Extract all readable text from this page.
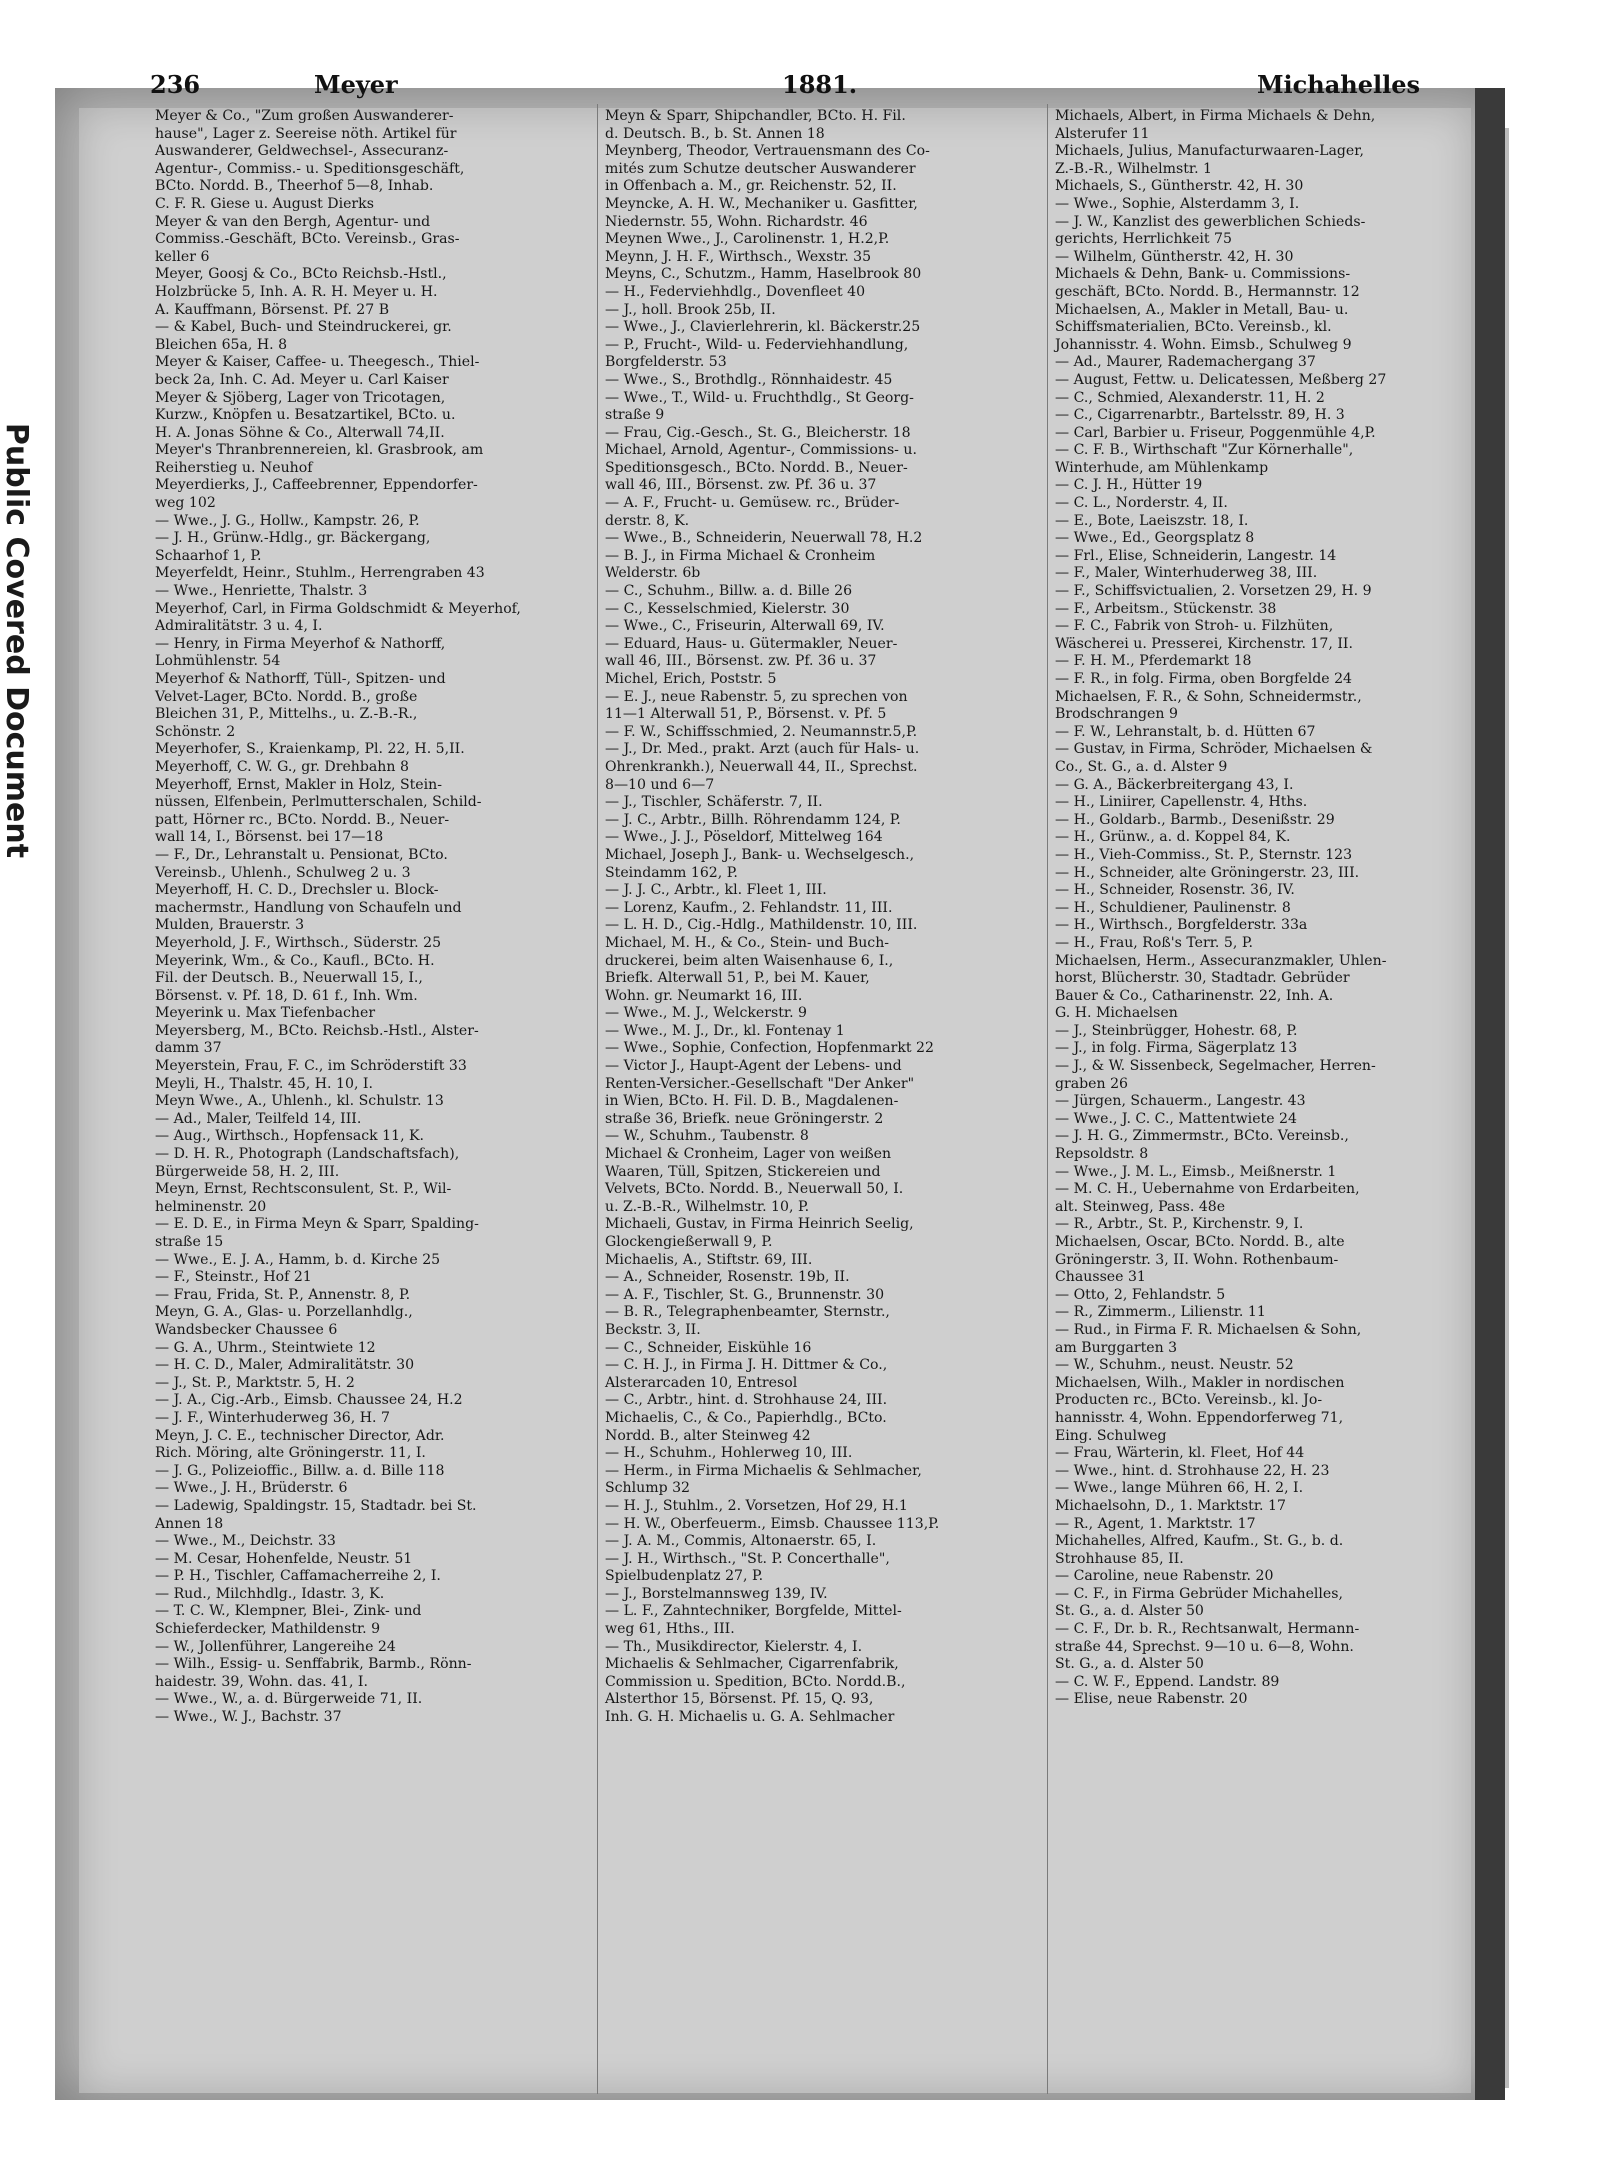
Public Covered Document
236	Meyer	1881.	Michahelles

Meyer & Co., "Zum großen Auswanderer-

hause", Lager z. Seereise nöth. Artikel für

Auswanderer, Geldwechsel-, Assecuranz-

Agentur-, Commiss.- u. Speditionsgeschäft,

BCto. Nordd. B., Theerhof 5—8, Inhab.

C. F. R. Giese u. August Dierks

Meyer & van den Bergh, Agentur- und

Commiss.-Geschäft, BCto. Vereinsb., Gras-

keller 6

Meyer, Goosj & Co., BCto Reichsb.-Hstl.,

Holzbrücke 5, Inh. A. R. H. Meyer u. H.

A. Kauffmann, Börsenst. Pf. 27 B

— & Kabel, Buch- und Steindruckerei, gr.

Bleichen 65a, H. 8

Meyer & Kaiser, Caffee- u. Theegesch., Thiel-

beck 2a, Inh. C. Ad. Meyer u. Carl Kaiser

Meyer & Sjöberg, Lager von Tricotagen,

Kurzw., Knöpfen u. Besatzartikel, BCto. u.

H. A. Jonas Söhne & Co., Alterwall 74,II.

Meyer's Thranbrennereien, kl. Grasbrook, am

Reiherstieg u. Neuhof

Meyerdierks, J., Caffeebrenner, Eppendorfer-

weg 102

— Wwe., J. G., Hollw., Kampstr. 26, P.

— J. H., Grünw.-Hdlg., gr. Bäckergang,

Schaarhof 1, P.

Meyerfeldt, Heinr., Stuhlm., Herrengraben 43

— Wwe., Henriette, Thalstr. 3

Meyerhof, Carl, in Firma Goldschmidt & Meyerhof,

Admiralitätstr. 3 u. 4, I.

— Henry, in Firma Meyerhof & Nathorff,

Lohmühlenstr. 54

Meyerhof & Nathorff, Tüll-, Spitzen- und

Velvet-Lager, BCto. Nordd. B., große

Bleichen 31, P., Mittelhs., u. Z.-B.-R.,

Schönstr. 2

Meyerhofer, S., Kraienkamp, Pl. 22, H. 5,II.

Meyerhoff, C. W. G., gr. Drehbahn 8

Meyerhoff, Ernst, Makler in Holz, Stein-

nüssen, Elfenbein, Perlmutterschalen, Schild-

patt, Hörner rc., BCto. Nordd. B., Neuer-

wall 14, I., Börsenst. bei 17—18

— F., Dr., Lehranstalt u. Pensionat, BCto.

Vereinsb., Uhlenh., Schulweg 2 u. 3

Meyerhoff, H. C. D., Drechsler u. Block-

machermstr., Handlung von Schaufeln und

Mulden, Brauerstr. 3

Meyerhold, J. F., Wirthsch., Süderstr. 25

Meyerink, Wm., & Co., Kaufl., BCto. H.

Fil. der Deutsch. B., Neuerwall 15, I.,

Börsenst. v. Pf. 18, D. 61 f., Inh. Wm.

Meyerink u. Max Tiefenbacher

Meyersberg, M., BCto. Reichsb.-Hstl., Alster-

damm 37

Meyerstein, Frau, F. C., im Schröderstift 33

Meyli, H., Thalstr. 45, H. 10, I.

Meyn Wwe., A., Uhlenh., kl. Schulstr. 13

— Ad., Maler, Teilfeld 14, III.

— Aug., Wirthsch., Hopfensack 11, K.

— D. H. R., Photograph (Landschaftsfach),

Bürgerweide 58, H. 2, III.

Meyn, Ernst, Rechtsconsulent, St. P., Wil-

helminenstr. 20

— E. D. E., in Firma Meyn & Sparr, Spalding-

straße 15

— Wwe., E. J. A., Hamm, b. d. Kirche 25

— F., Steinstr., Hof 21

— Frau, Frida, St. P., Annenstr. 8, P.

Meyn, G. A., Glas- u. Porzellanhdlg.,

Wandsbecker Chaussee 6

— G. A., Uhrm., Steintwiete 12

— H. C. D., Maler, Admiralitätstr. 30

— J., St. P., Marktstr. 5, H. 2

— J. A., Cig.-Arb., Eimsb. Chaussee 24, H.2

— J. F., Winterhuderweg 36, H. 7

Meyn, J. C. E., technischer Director, Adr.

Rich. Möring, alte Gröningerstr. 11, I.

— J. G., Polizeioffic., Billw. a. d. Bille 118

— Wwe., J. H., Brüderstr. 6

— Ladewig, Spaldingstr. 15, Stadtadr. bei St.

Annen 18

— Wwe., M., Deichstr. 33

— M. Cesar, Hohenfelde, Neustr. 51

— P. H., Tischler, Caffamacherreihe 2, I.

— Rud., Milchhdlg., Idastr. 3, K.

— T. C. W., Klempner, Blei-, Zink- und

Schieferdecker, Mathildenstr. 9

— W., Jollenführer, Langereihe 24

— Wilh., Essig- u. Senffabrik, Barmb., Rönn-

haidestr. 39, Wohn. das. 41, I.

— Wwe., W., a. d. Bürgerweide 71, II.

— Wwe., W. J., Bachstr. 37

Meyn & Sparr, Shipchandler, BCto. H. Fil.

d. Deutsch. B., b. St. Annen 18

Meynberg, Theodor, Vertrauensmann des Co-

mités zum Schutze deutscher Auswanderer

in Offenbach a. M., gr. Reichenstr. 52, II.

Meyncke, A. H. W., Mechaniker u. Gasfitter,

Niedernstr. 55, Wohn. Richardstr. 46

Meynen Wwe., J., Carolinenstr. 1, H.2,P.

Meynn, J. H. F., Wirthsch., Wexstr. 35

Meyns, C., Schutzm., Hamm, Haselbrook 80

— H., Federviehhdlg., Dovenfleet 40

— J., holl. Brook 25b, II.

— Wwe., J., Clavierlehrerin, kl. Bäckerstr.25

— P., Frucht-, Wild- u. Federviehhandlung,

Borgfelderstr. 53

— Wwe., S., Brothdlg., Rönnhaidestr. 45

— Wwe., T., Wild- u. Fruchthdlg., St Georg-

straße 9

— Frau, Cig.-Gesch., St. G., Bleicherstr. 18

Michael, Arnold, Agentur-, Commissions- u.

Speditionsgesch., BCto. Nordd. B., Neuer-

wall 46, III., Börsenst. zw. Pf. 36 u. 37

— A. F., Frucht- u. Gemüsew. rc., Brüder-

derstr. 8, K.

— Wwe., B., Schneiderin, Neuerwall 78, H.2

— B. J., in Firma Michael & Cronheim

Welderstr. 6b

— C., Schuhm., Billw. a. d. Bille 26

— C., Kesselschmied, Kielerstr. 30

— Wwe., C., Friseurin, Alterwall 69, IV.

— Eduard, Haus- u. Gütermakler, Neuer-

wall 46, III., Börsenst. zw. Pf. 36 u. 37

Michel, Erich, Poststr. 5

— E. J., neue Rabenstr. 5, zu sprechen von

11—1 Alterwall 51, P., Börsenst. v. Pf. 5

— F. W., Schiffsschmied, 2. Neumannstr.5,P.

— J., Dr. Med., prakt. Arzt (auch für Hals- u.

Ohrenkrankh.), Neuerwall 44, II., Sprechst.

8—10 und 6—7

— J., Tischler, Schäferstr. 7, II.

— J. C., Arbtr., Billh. Röhrendamm 124, P.

— Wwe., J. J., Pöseldorf, Mittelweg 164

Michael, Joseph J., Bank- u. Wechselgesch.,

Steindamm 162, P.

— J. J. C., Arbtr., kl. Fleet 1, III.

— Lorenz, Kaufm., 2. Fehlandstr. 11, III.

— L. H. D., Cig.-Hdlg., Mathildenstr. 10, III.

Michael, M. H., & Co., Stein- und Buch-

druckerei, beim alten Waisenhause 6, I.,

Briefk. Alterwall 51, P., bei M. Kauer,

Wohn. gr. Neumarkt 16, III.

— Wwe., M. J., Welckerstr. 9

— Wwe., M. J., Dr., kl. Fontenay 1

— Wwe., Sophie, Confection, Hopfenmarkt 22

— Victor J., Haupt-Agent der Lebens- und

Renten-Versicher.-Gesellschaft "Der Anker"

in Wien, BCto. H. Fil. D. B., Magdalenen-

straße 36, Briefk. neue Gröningerstr. 2

— W., Schuhm., Taubenstr. 8

Michael & Cronheim, Lager von weißen

Waaren, Tüll, Spitzen, Stickereien und

Velvets, BCto. Nordd. B., Neuerwall 50, I.

u. Z.-B.-R., Wilhelmstr. 10, P.

Michaeli, Gustav, in Firma Heinrich Seelig,

Glockengießerwall 9, P.

Michaelis, A., Stiftstr. 69, III.

— A., Schneider, Rosenstr. 19b, II.

— A. F., Tischler, St. G., Brunnenstr. 30

— B. R., Telegraphenbeamter, Sternstr.,

Beckstr. 3, II.

— C., Schneider, Eiskühle 16

— C. H. J., in Firma J. H. Dittmer & Co.,

Alsterarcaden 10, Entresol

— C., Arbtr., hint. d. Strohhause 24, III.

Michaelis, C., & Co., Papierhdlg., BCto.

Nordd. B., alter Steinweg 42

— H., Schuhm., Hohlerweg 10, III.

— Herm., in Firma Michaelis & Sehlmacher,

Schlump 32

— H. J., Stuhlm., 2. Vorsetzen, Hof 29, H.1

— H. W., Oberfeuerm., Eimsb. Chaussee 113,P.

— J. A. M., Commis, Altonaerstr. 65, I.

— J. H., Wirthsch., "St. P. Concerthalle",

Spielbudenplatz 27, P.

— J., Borstelmannsweg 139, IV.

— L. F., Zahntechniker, Borgfelde, Mittel-

weg 61, Hths., III.

— Th., Musikdirector, Kielerstr. 4, I.

Michaelis & Sehlmacher, Cigarrenfabrik,

Commission u. Spedition, BCto. Nordd.B.,

Alsterthor 15, Börsenst. Pf. 15, Q. 93,

Inh. G. H. Michaelis u. G. A. Sehlmacher

Michaels, Albert, in Firma Michaels & Dehn,

Alsterufer 11

Michaels, Julius, Manufacturwaaren-Lager,

Z.-B.-R., Wilhelmstr. 1

Michaels, S., Güntherstr. 42, H. 30

— Wwe., Sophie, Alsterdamm 3, I.

— J. W., Kanzlist des gewerblichen Schieds-

gerichts, Herrlichkeit 75

— Wilhelm, Güntherstr. 42, H. 30

Michaels & Dehn, Bank- u. Commissions-

geschäft, BCto. Nordd. B., Hermannstr. 12

Michaelsen, A., Makler in Metall, Bau- u.

Schiffsmaterialien, BCto. Vereinsb., kl.

Johannisstr. 4. Wohn. Eimsb., Schulweg 9

— Ad., Maurer, Rademachergang 37

— August, Fettw. u. Delicatessen, Meßberg 27

— C., Schmied, Alexanderstr. 11, H. 2

— C., Cigarrenarbtr., Bartelsstr. 89, H. 3

— Carl, Barbier u. Friseur, Poggenmühle 4,P.

— C. F. B., Wirthschaft "Zur Körnerhalle",

Winterhude, am Mühlenkamp

— C. J. H., Hütter 19

— C. L., Norderstr. 4, II.

— E., Bote, Laeiszstr. 18, I.

— Wwe., Ed., Georgsplatz 8

— Frl., Elise, Schneiderin, Langestr. 14

— F., Maler, Winterhuderweg 38, III.

— F., Schiffsvictualien, 2. Vorsetzen 29, H. 9

— F., Arbeitsm., Stückenstr. 38

— F. C., Fabrik von Stroh- u. Filzhüten,

Wäscherei u. Presserei, Kirchenstr. 17, II.

— F. H. M., Pferdemarkt 18

— F. R., in folg. Firma, oben Borgfelde 24

Michaelsen, F. R., & Sohn, Schneidermstr.,

Brodschrangen 9

— F. W., Lehranstalt, b. d. Hütten 67

— Gustav, in Firma, Schröder, Michaelsen &

Co., St. G., a. d. Alster 9

— G. A., Bäckerbreitergang 43, I.

— H., Liniirer, Capellenstr. 4, Hths.

— H., Goldarb., Barmb., Desenißstr. 29

— H., Grünw., a. d. Koppel 84, K.

— H., Vieh-Commiss., St. P., Sternstr. 123

— H., Schneider, alte Gröningerstr. 23, III.

— H., Schneider, Rosenstr. 36, IV.

— H., Schuldiener, Paulinenstr. 8

— H., Wirthsch., Borgfelderstr. 33a

— H., Frau, Roß's Terr. 5, P.

Michaelsen, Herm., Assecuranzmakler, Uhlen-

horst, Blücherstr. 30, Stadtadr. Gebrüder

Bauer & Co., Catharinenstr. 22, Inh. A.

G. H. Michaelsen

— J., Steinbrügger, Hohestr. 68, P.

— J., in folg. Firma, Sägerplatz 13

— J., & W. Sissenbeck, Segelmacher, Herren-

graben 26

— Jürgen, Schauerm., Langestr. 43

— Wwe., J. C. C., Mattentwiete 24

— J. H. G., Zimmermstr., BCto. Vereinsb.,

Repsoldstr. 8

— Wwe., J. M. L., Eimsb., Meißnerstr. 1

— M. C. H., Uebernahme von Erdarbeiten,

alt. Steinweg, Pass. 48e

— R., Arbtr., St. P., Kirchenstr. 9, I.

Michaelsen, Oscar, BCto. Nordd. B., alte

Gröningerstr. 3, II. Wohn. Rothenbaum-

Chaussee 31

— Otto, 2, Fehlandstr. 5

— R., Zimmerm., Lilienstr. 11

— Rud., in Firma F. R. Michaelsen & Sohn,

am Burggarten 3

— W., Schuhm., neust. Neustr. 52

Michaelsen, Wilh., Makler in nordischen

Producten rc., BCto. Vereinsb., kl. Jo-

hannisstr. 4, Wohn. Eppendorferweg 71,

Eing. Schulweg

— Frau, Wärterin, kl. Fleet, Hof 44

— Wwe., hint. d. Strohhause 22, H. 23

— Wwe., lange Mühren 66, H. 2, I.

Michaelsohn, D., 1. Marktstr. 17

— R., Agent, 1. Marktstr. 17

Michahelles, Alfred, Kaufm., St. G., b. d.

Strohhause 85, II.

— Caroline, neue Rabenstr. 20

— C. F., in Firma Gebrüder Michahelles,

St. G., a. d. Alster 50

— C. F., Dr. b. R., Rechtsanwalt, Hermann-

straße 44, Sprechst. 9—10 u. 6—8, Wohn.

St. G., a. d. Alster 50

— C. W. F., Eppend. Landstr. 89

— Elise, neue Rabenstr. 20
